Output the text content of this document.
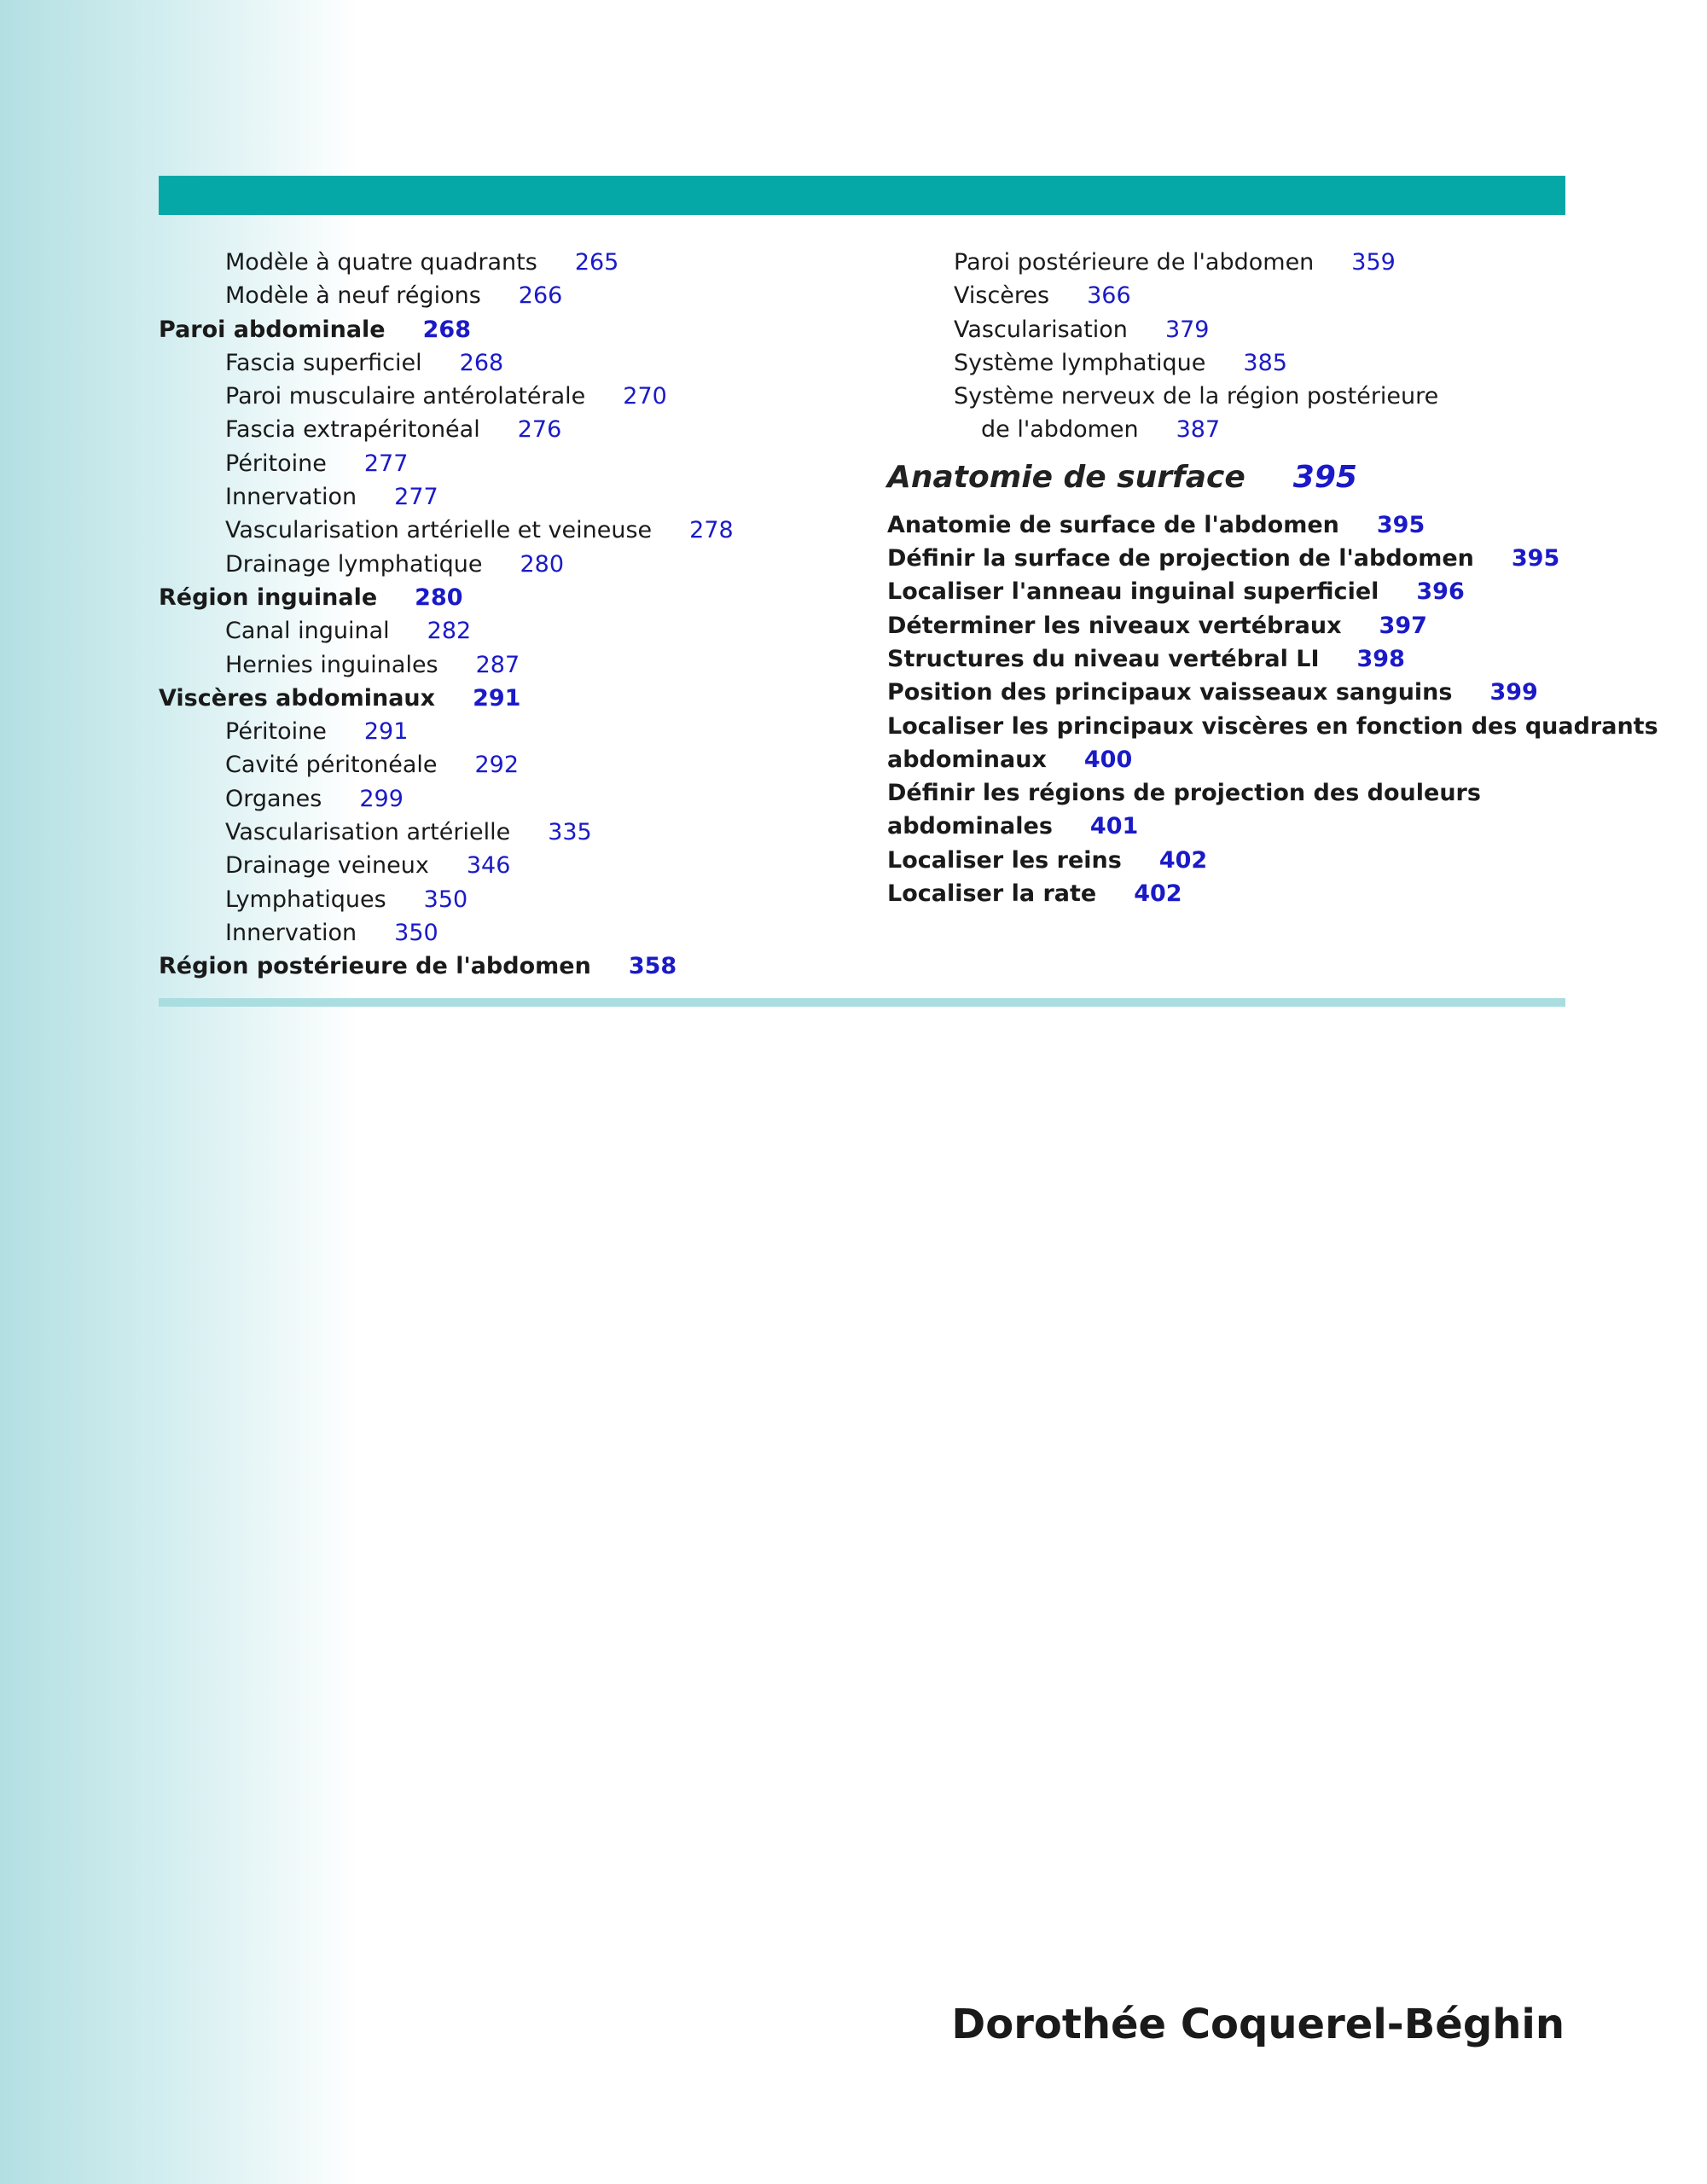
Modèle à quatre quadrants 265
Modèle à neuf régions 266
Paroi abdominale 268
Fascia superficiel 268
Paroi musculaire antérolatérale 270
Fascia extrapéritonéal 276
Péritoine 277
Innervation 277
Vascularisation artérielle et veineuse 278
Drainage lymphatique 280
Région inguinale 280
Canal inguinal 282
Hernies inguinales 287
Viscères abdominaux 291
Péritoine 291
Cavité péritonéale 292
Organes 299
Vascularisation artérielle 335
Drainage veineux 346
Lymphatiques 350
Innervation 350
Région postérieure de l'abdomen 358
Paroi postérieure de l'abdomen 359
Viscères 366
Vascularisation 379
Système lymphatique 385
Système nerveux de la région postérieure
de l'abdomen 387
Anatomie de surface 395
Anatomie de surface de l'abdomen 395
Définir la surface de projection de l'abdomen 395
Localiser l'anneau inguinal superficiel 396
Déterminer les niveaux vertébraux 397
Structures du niveau vertébral LI 398
Position des principaux vaisseaux sanguins 399
Localiser les principaux viscères en fonction des quadrants
abdominaux 400
Définir les régions de projection des douleurs
abdominales 401
Localiser les reins 402
Localiser la rate 402
Dorothée Coquerel-Béghin
